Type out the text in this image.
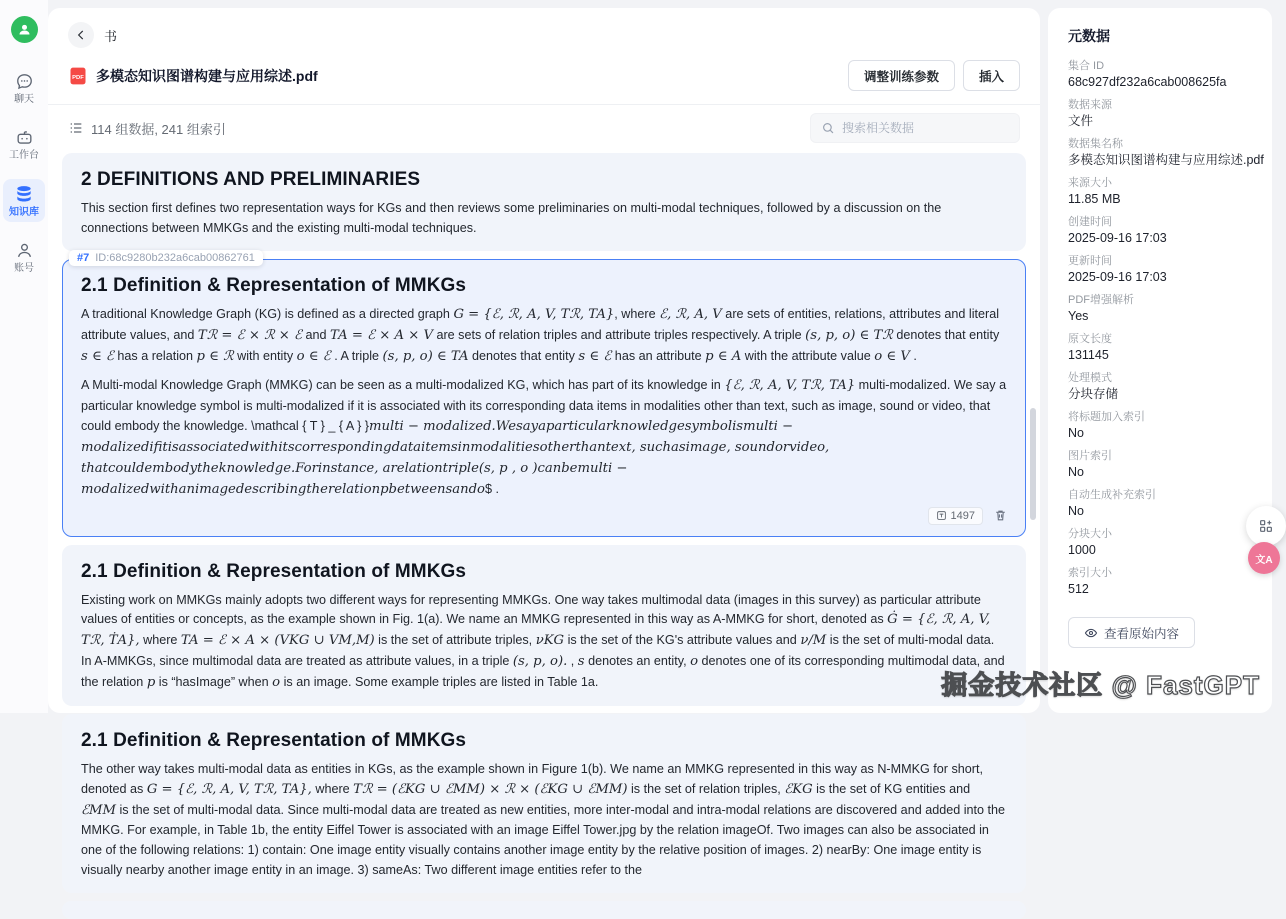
聊天
工作台
知识库
账号
书
PDF 多模态知识图谱构建与应用综述.pdf	调整训练参数	插入
114 组数据, 241 组索引
搜索相关数据
2 DEFINITIONS AND PRELIMINARIES

This section first defines two representation ways for KGs and then reviews some preliminaries on multi-modal techniques, followed by a discussion on the connections between MMKGs and the existing multi-modal techniques.

#7 ID:68c9280b232a6cab00862761
2.1 Definition & Representation of MMKGs

A traditional Knowledge Graph (KG) is defined as a directed graph G = {ℰ, ℛ, A, V, Tℛ, TA}, where ℰ, ℛ, A, V are sets of entities, relations, attributes and literal attribute values, and Tℛ = ℰ × ℛ × ℰ and TA = ℰ × A × V are sets of relation triples and attribute triples respectively. A triple (s, p, o) ∈ Tℛ denotes that entity s ∈ ℰ has a relation p ∈ ℛ with entity o ∈ ℰ . A triple (s, p, o) ∈ TA denotes that entity s ∈ ℰ has an attribute p ∈ A with the attribute value o ∈ V .

A Multi-modal Knowledge Graph (MMKG) can be seen as a multi-modalized KG, which has part of its knowledge in {ℰ, ℛ, A, V, Tℛ, TA} multi-modalized. We say a particular knowledge symbol is multi-modalized if it is associated with its corresponding data items in modalities other than text, such as image, sound or video, that could embody the knowledge. \mathcal { T } _ { A } }multi − modalized.Wesayaparticularknowledgesymbolismulti − modalizedifitisassociatedwithitscorrespondingdataitemsinmodalitiesotherthantext, suchasimage, soundorvideo, thatcouldembodytheknowledge.Forinstance, arelationtriple(s, p , o )canbemulti − modalizedwithanimagedescribingtherelationpbetweensando$ .

1497
2.1 Definition & Representation of MMKGs

Existing work on MMKGs mainly adopts two different ways for representing MMKGs. One way takes multimodal data (images in this survey) as particular attribute values of entities or concepts, as the example shown in Fig. 1(a). We name an MMKG represented in this way as A-MMKG for short, denoted as Ġ = {ℰ, ℛ, A, V, Tℛ, ṪA}, where TA = ℰ × A × (VKG ∪ VM,M) is the set of attribute triples, νKG is the set of the KG's attribute values and ν/M is the set of multi-modal data. In A-MMKGs, since multimodal data are treated as attribute values, in a triple (s, p, o). , s denotes an entity, o denotes one of its corresponding multimodal data, and the relation p is “hasImage” when o is an image. Some example triples are listed in Table 1a.

2.1 Definition & Representation of MMKGs

The other way takes multi-modal data as entities in KGs, as the example shown in Figure 1(b). We name an MMKG represented in this way as N-MMKG for short, denoted as G = {ℰ, ℛ, A, V, Tℛ, TA}, where Tℛ = (ℰKG ∪ ℰMM) × ℛ × (ℰKG ∪ ℰMM) is the set of relation triples, ℰKG is the set of KG entities and ℰMM is the set of multi-modal data. Since multi-modal data are treated as new entities, more inter-modal and intra-modal relations are discovered and added into the MMKG. For example, in Table 1b, the entity Eiffel Tower is associated with an image Eiffel Tower.jpg by the relation imageOf. Two images can also be associated in one of the following relations: 1) contain: One image entity visually contains another image entity by the relative position of images. 2) nearBy: One image entity is visually nearby another image entity in an image. 3) sameAs: Two different image entities refer to the

元数据
集合 ID
68c927df232a6cab008625fa
数据来源
文件
数据集名称
多模态知识图谱构建与应用综述.pdf
来源大小
11.85 MB
创建时间
2025-09-16 17:03
更新时间
2025-09-16 17:03
PDF增强解析
Yes
原文长度
131145
处理模式
分块存储
将标题加入索引
No
图片索引
No
自动生成补充索引
No
分块大小
1000
索引大小
512
查看原始内容
文A
掘金技术社区 @ FastGPT
